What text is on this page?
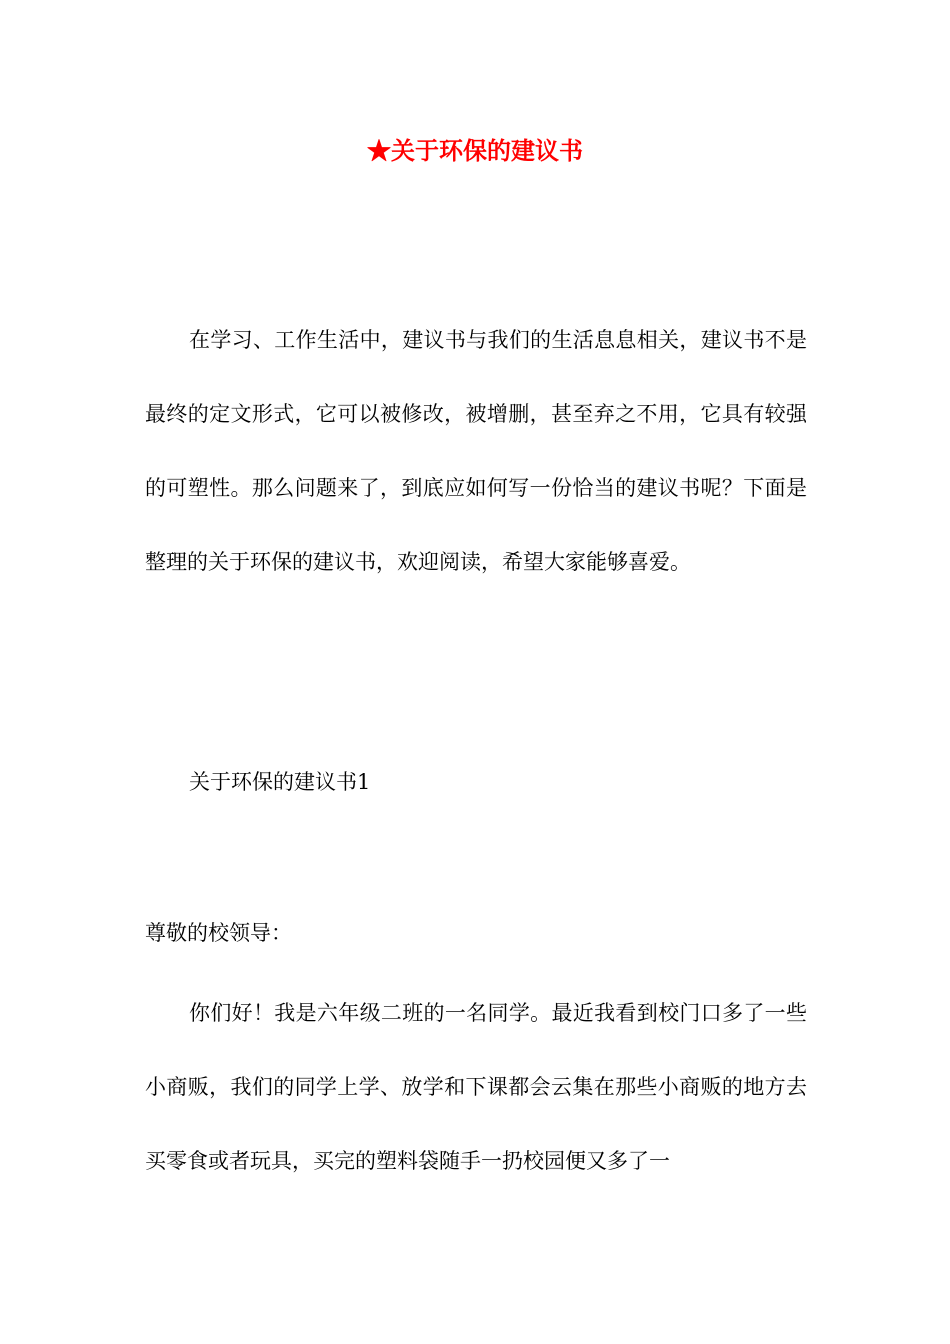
★关于环保的建议书

在学习、工作生活中，建议书与我们的生活息息相关，建议书不是最终的定文形式，它可以被修改，被增删，甚至弃之不用，它具有较强的可塑性。那么问题来了，到底应如何写一份恰当的建议书呢？下面是整理的关于环保的建议书，欢迎阅读，希望大家能够喜爱。

关于环保的建议书1

尊敬的校领导：

你们好！我是六年级二班的一名同学。最近我看到校门口多了一些小商贩，我们的同学上学、放学和下课都会云集在那些小商贩的地方去买零食或者玩具，买完的塑料袋随手一扔校园便又多了一
